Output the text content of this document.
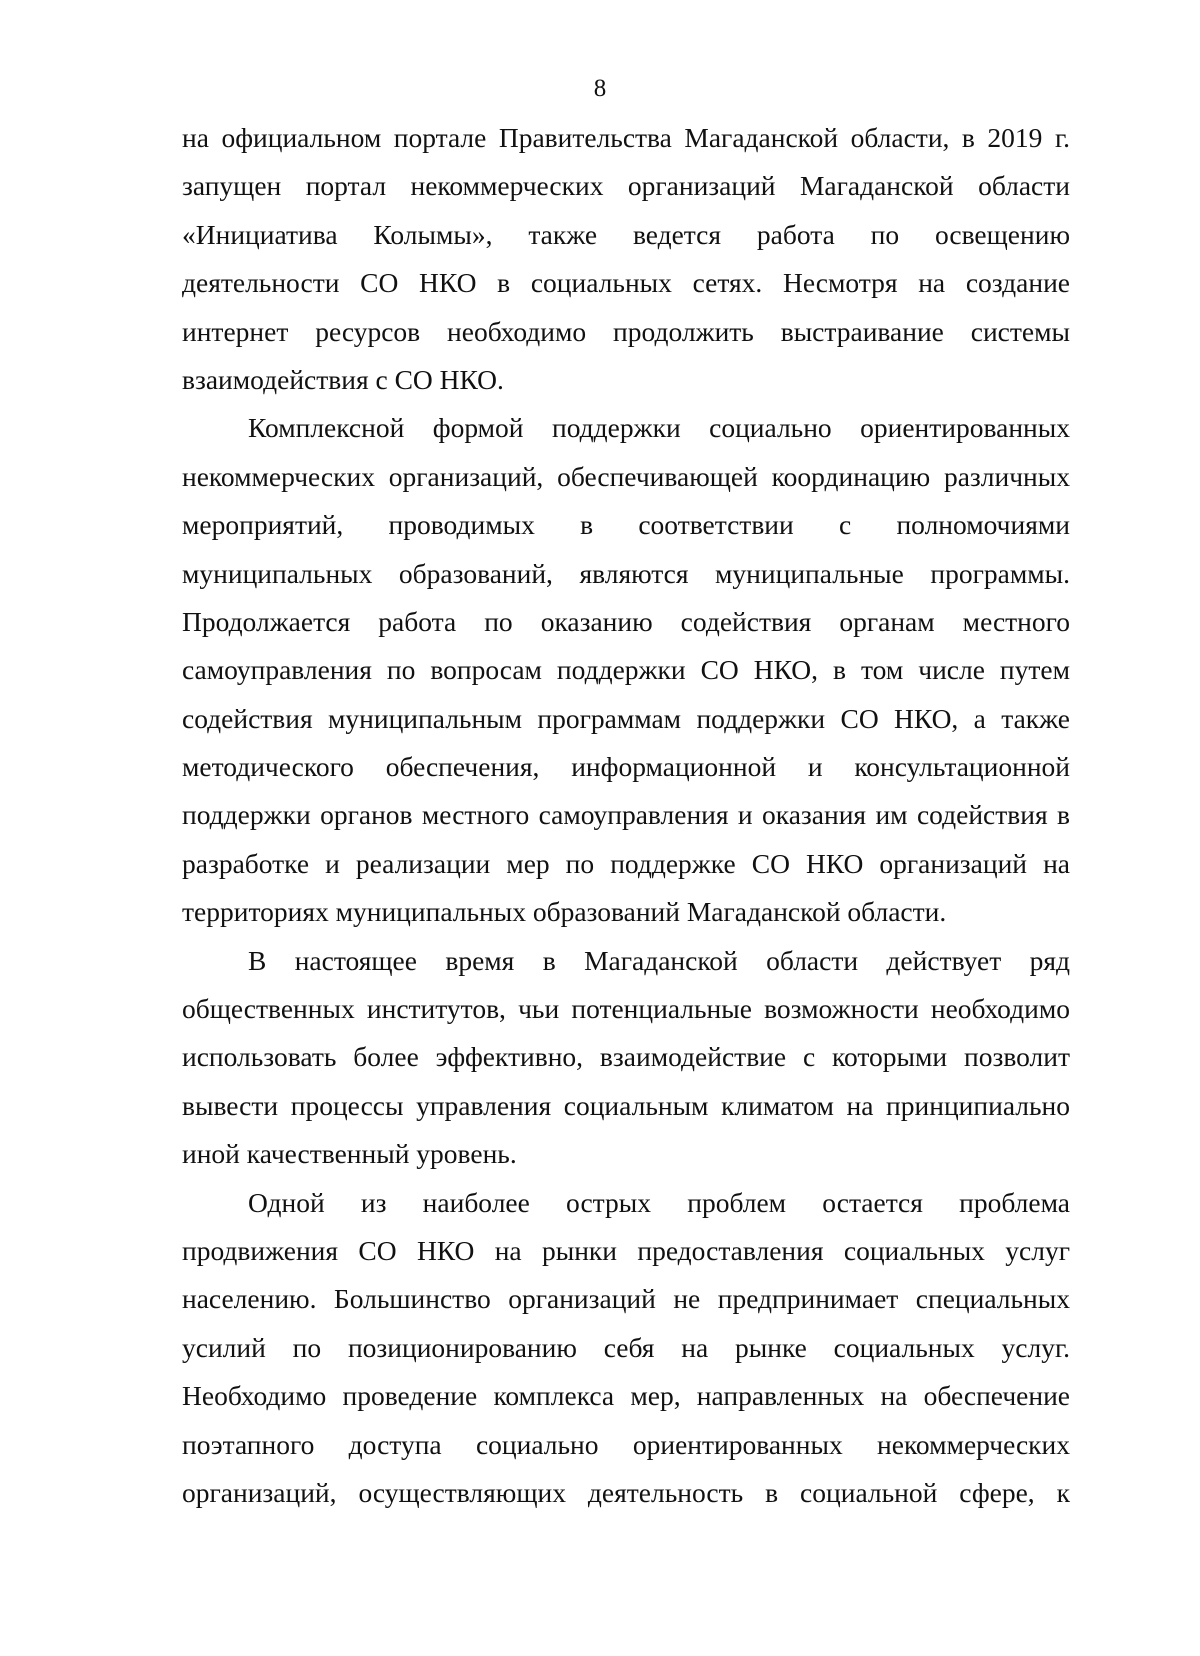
8

на официальном портале Правительства Магаданской области, в 2019 г.
запущен портал некоммерческих организаций Магаданской области
«Инициатива Колымы», также ведется работа по освещению
деятельности СО НКО в социальных сетях. Несмотря на создание
интернет ресурсов необходимо продолжить выстраивание системы
взаимодействия с СО НКО.

Комплексной формой поддержки социально ориентированных
некоммерческих организаций, обеспечивающей координацию различных
мероприятий, проводимых в соответствии с полномочиями
муниципальных образований, являются муниципальные программы.
Продолжается работа по оказанию содействия органам местного
самоуправления по вопросам поддержки СО НКО, в том числе путем
содействия муниципальным программам поддержки СО НКО, а также
методического обеспечения, информационной и консультационной
поддержки органов местного самоуправления и оказания им содействия в
разработке и реализации мер по поддержке СО НКО организаций на
территориях муниципальных образований Магаданской области.

В настоящее время в Магаданской области действует ряд
общественных институтов, чьи потенциальные возможности необходимо
использовать более эффективно, взаимодействие с которыми позволит
вывести процессы управления социальным климатом на принципиально
иной качественный уровень.

Одной из наиболее острых проблем остается проблема
продвижения СО НКО на рынки предоставления социальных услуг
населению. Большинство организаций не предпринимает специальных
усилий по позиционированию себя на рынке социальных услуг.
Необходимо проведение комплекса мер, направленных на обеспечение
поэтапного доступа социально ориентированных некоммерческих
организаций, осуществляющих деятельность в социальной сфере, к
